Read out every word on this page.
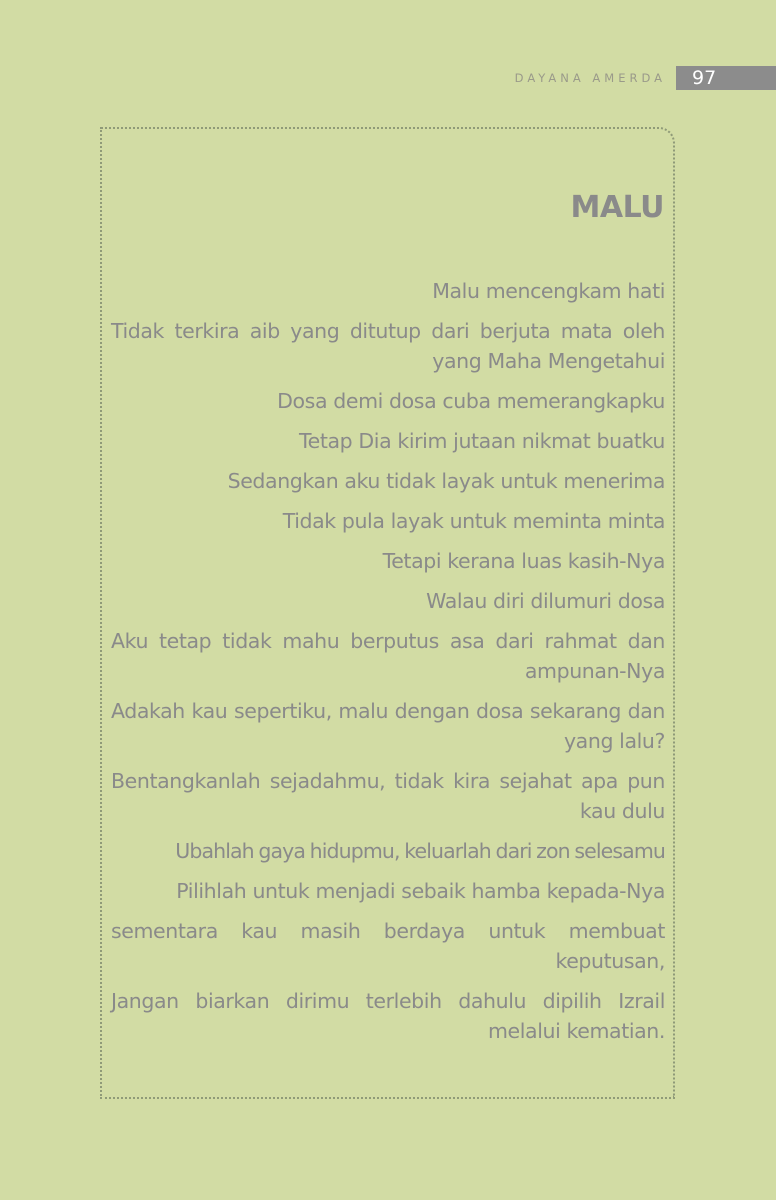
DAYANA AMERDA 97
MALU

Malu mencengkam hati

Tidak terkira aib yang ditutup dari berjuta mata oleh yang Maha Mengetahui

Dosa demi dosa cuba memerangkapku

Tetap Dia kirim jutaan nikmat buatku

Sedangkan aku tidak layak untuk menerima

Tidak pula layak untuk meminta minta

Tetapi kerana luas kasih-Nya

Walau diri dilumuri dosa

Aku tetap tidak mahu berputus asa dari rahmat dan ampunan-Nya

Adakah kau sepertiku, malu dengan dosa sekarang dan yang lalu?

Bentangkanlah sejadahmu, tidak kira sejahat apa pun kau dulu

Ubahlah gaya hidupmu, keluarlah dari zon selesamu

Pilihlah untuk menjadi sebaik hamba kepada-Nya

sementara kau masih berdaya untuk membuat keputusan,

Jangan biarkan dirimu terlebih dahulu dipilih Izrail melalui kematian.
